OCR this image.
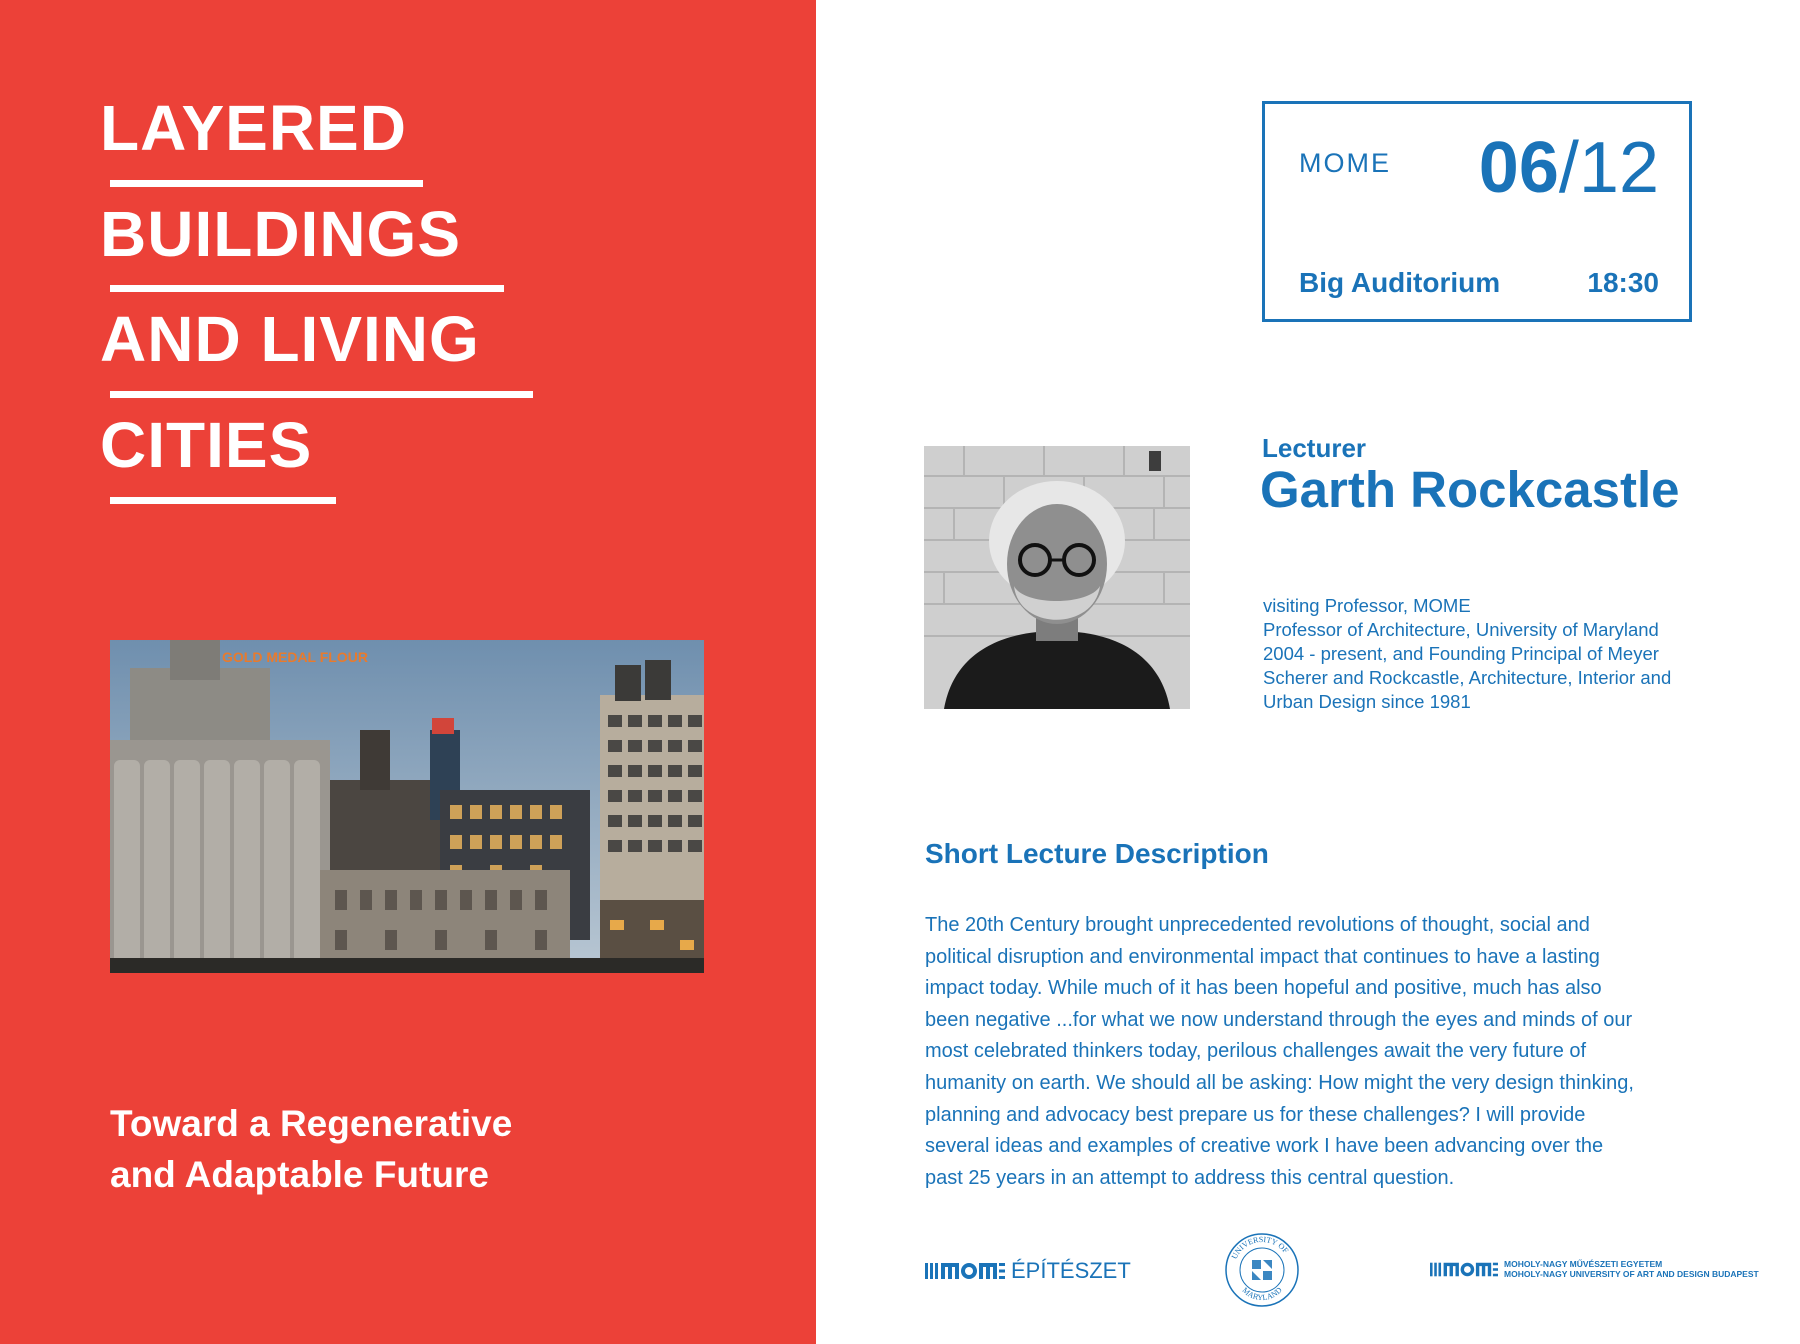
LAYERED
BUILDINGS
AND LIVING
CITIES
GOLD MEDAL FLOUR
Toward a Regenerative
and Adaptable Future
MOME 06/12
Big Auditorium	18:30
Lecturer
Garth Rockcastle
visiting Professor, MOME
Professor of Architecture, University of Maryland
2004 - present, and Founding Principal of Meyer
Scherer and Rockcastle, Architecture, Interior and
Urban Design since 1981
Short Lecture Description
The 20th Century brought unprecedented revolutions of thought, social and
political disruption and environmental impact that continues to have a lasting
impact today. While much of it has been hopeful and positive, much has also
been negative ...for what we now understand through the eyes and minds of our
most celebrated thinkers today, perilous challenges await the very future of
humanity on earth. We should all be asking: How might the very design thinking,
planning and advocacy best prepare us for these challenges? I will provide
several ideas and examples of creative work I have been advancing over the
past 25 years in an attempt to address this central question.
ÉPÍTÉSZET
UNIVERSITY OF
MARYLAND
MOHOLY-NAGY MŰVÉSZETI EGYETEM
MOHOLY-NAGY UNIVERSITY OF ART AND DESIGN BUDAPEST
